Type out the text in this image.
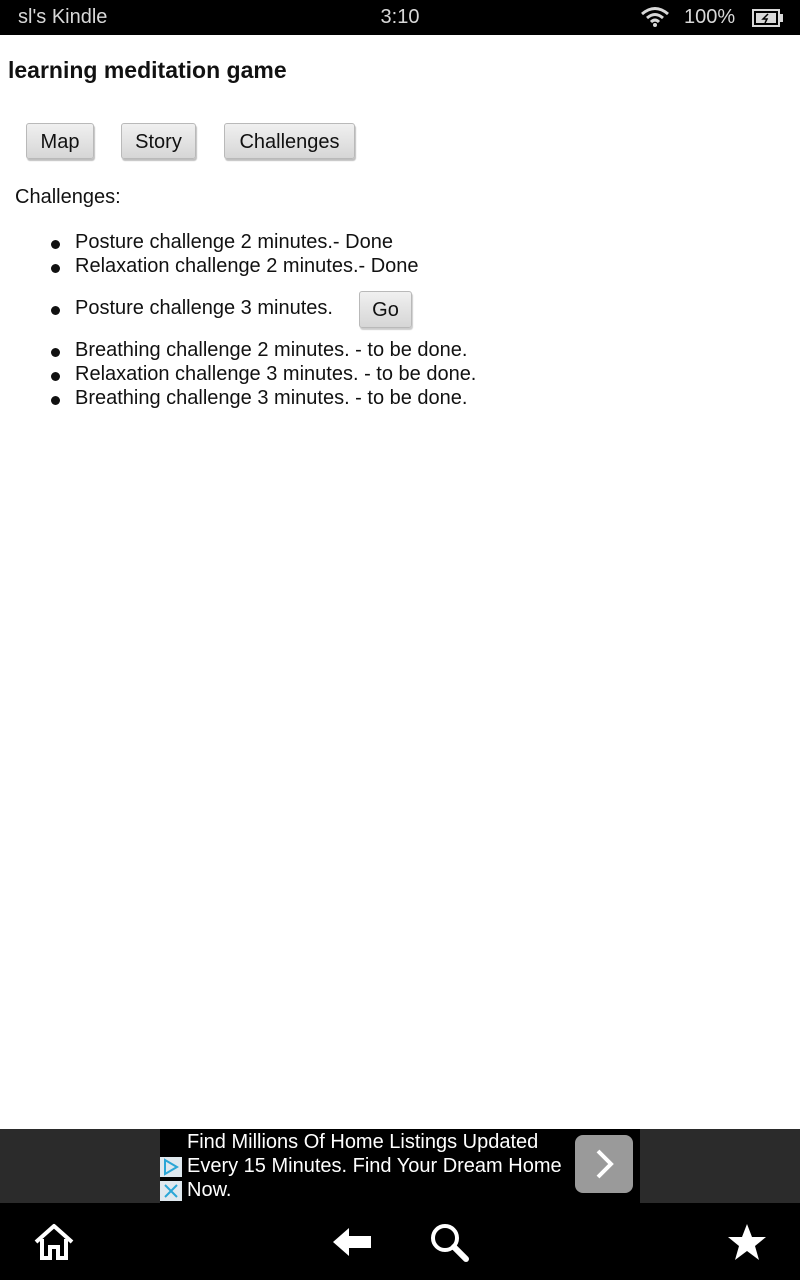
sl's Kindle	3:10	100%
learning meditation game
Map	Story	Challenges
Challenges:
Posture challenge 2 minutes.- Done
Relaxation challenge 2 minutes.- Done
Posture challenge 3 minutes.	Go
Breathing challenge 2 minutes. - to be done.
Relaxation challenge 3 minutes. - to be done.
Breathing challenge 3 minutes. - to be done.
Find Millions Of Home Listings Updated Every 15 Minutes. Find Your Dream Home Now.
